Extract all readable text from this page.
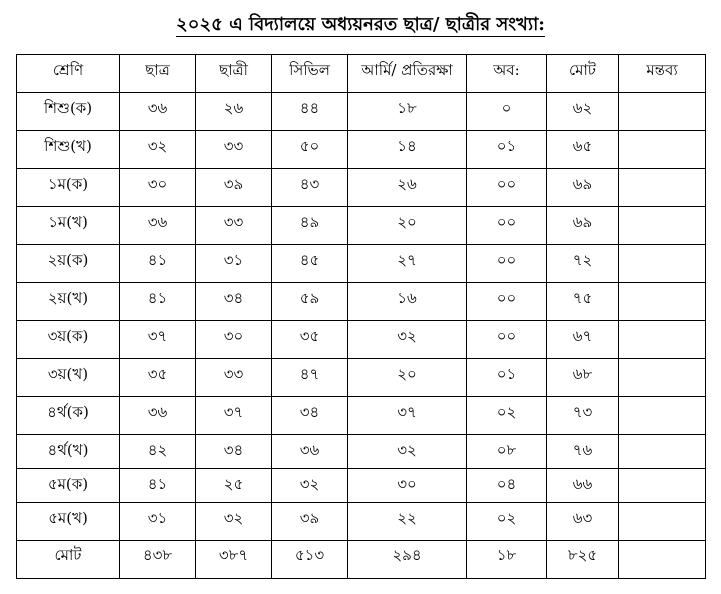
২০২৫ এ বিদ্যালয়ে অধ্যয়নরত ছাত্র/ ছাত্রীর সংখ্যা:
শ্রেণি	ছাত্র	ছাত্রী	সিভিল	আর্মি/ প্রতিরক্ষা	অব:	মোট	মন্তব্য
শিশু(ক)	৩৬	২৬	৪৪	১৮	০	৬২	
শিশু(খ)	৩২	৩৩	৫০	১৪	০১	৬৫	
১ম(ক)	৩০	৩৯	৪৩	২৬	০০	৬৯	
১ম(খ)	৩৬	৩৩	৪৯	২০	০০	৬৯	
২য়(ক)	৪১	৩১	৪৫	২৭	০০	৭২	
২য়(খ)	৪১	৩৪	৫৯	১৬	০০	৭৫	
৩য়(ক)	৩৭	৩০	৩৫	৩২	০০	৬৭	
৩য়(খ)	৩৫	৩৩	৪৭	২০	০১	৬৮	
৪র্থ(ক)	৩৬	৩৭	৩৪	৩৭	০২	৭৩	
৪র্থ(খ)	৪২	৩৪	৩৬	৩২	০৮	৭৬	
৫ম(ক)	৪১	২৫	৩২	৩০	০৪	৬৬	
৫ম(খ)	৩১	৩২	৩৯	২২	০২	৬৩	
মোট	৪৩৮	৩৮৭	৫১৩	২৯৪	১৮	৮২৫	
